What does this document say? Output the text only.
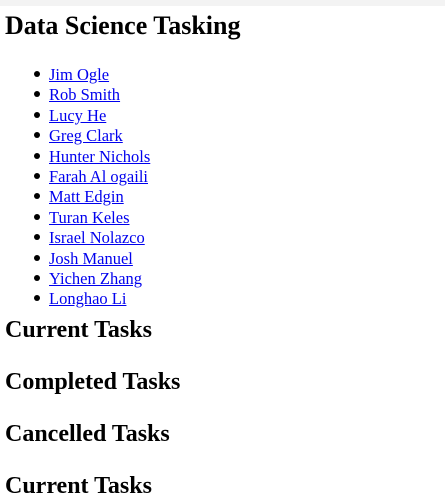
Data Science Tasking
Jim Ogle
Rob Smith
Lucy He
Greg Clark
Hunter Nichols
Farah Al ogaili
Matt Edgin
Turan Keles
Israel Nolazco
Josh Manuel
Yichen Zhang
Longhao Li
Current Tasks
Completed Tasks
Cancelled Tasks
Current Tasks
